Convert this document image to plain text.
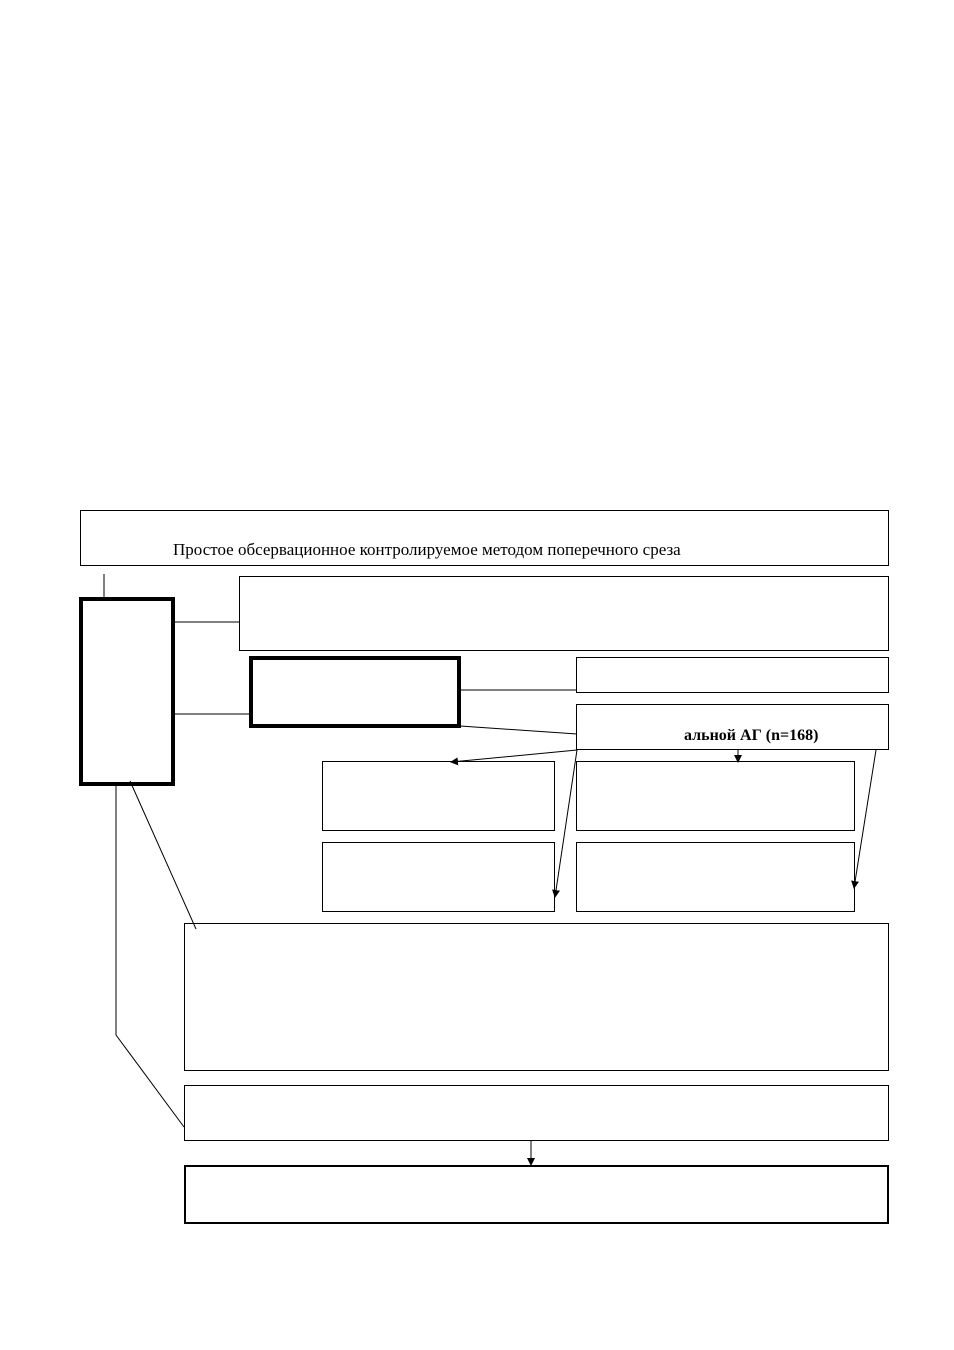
Простое обсервационное контролируемое методом поперечного среза
альной АГ (n=168)
